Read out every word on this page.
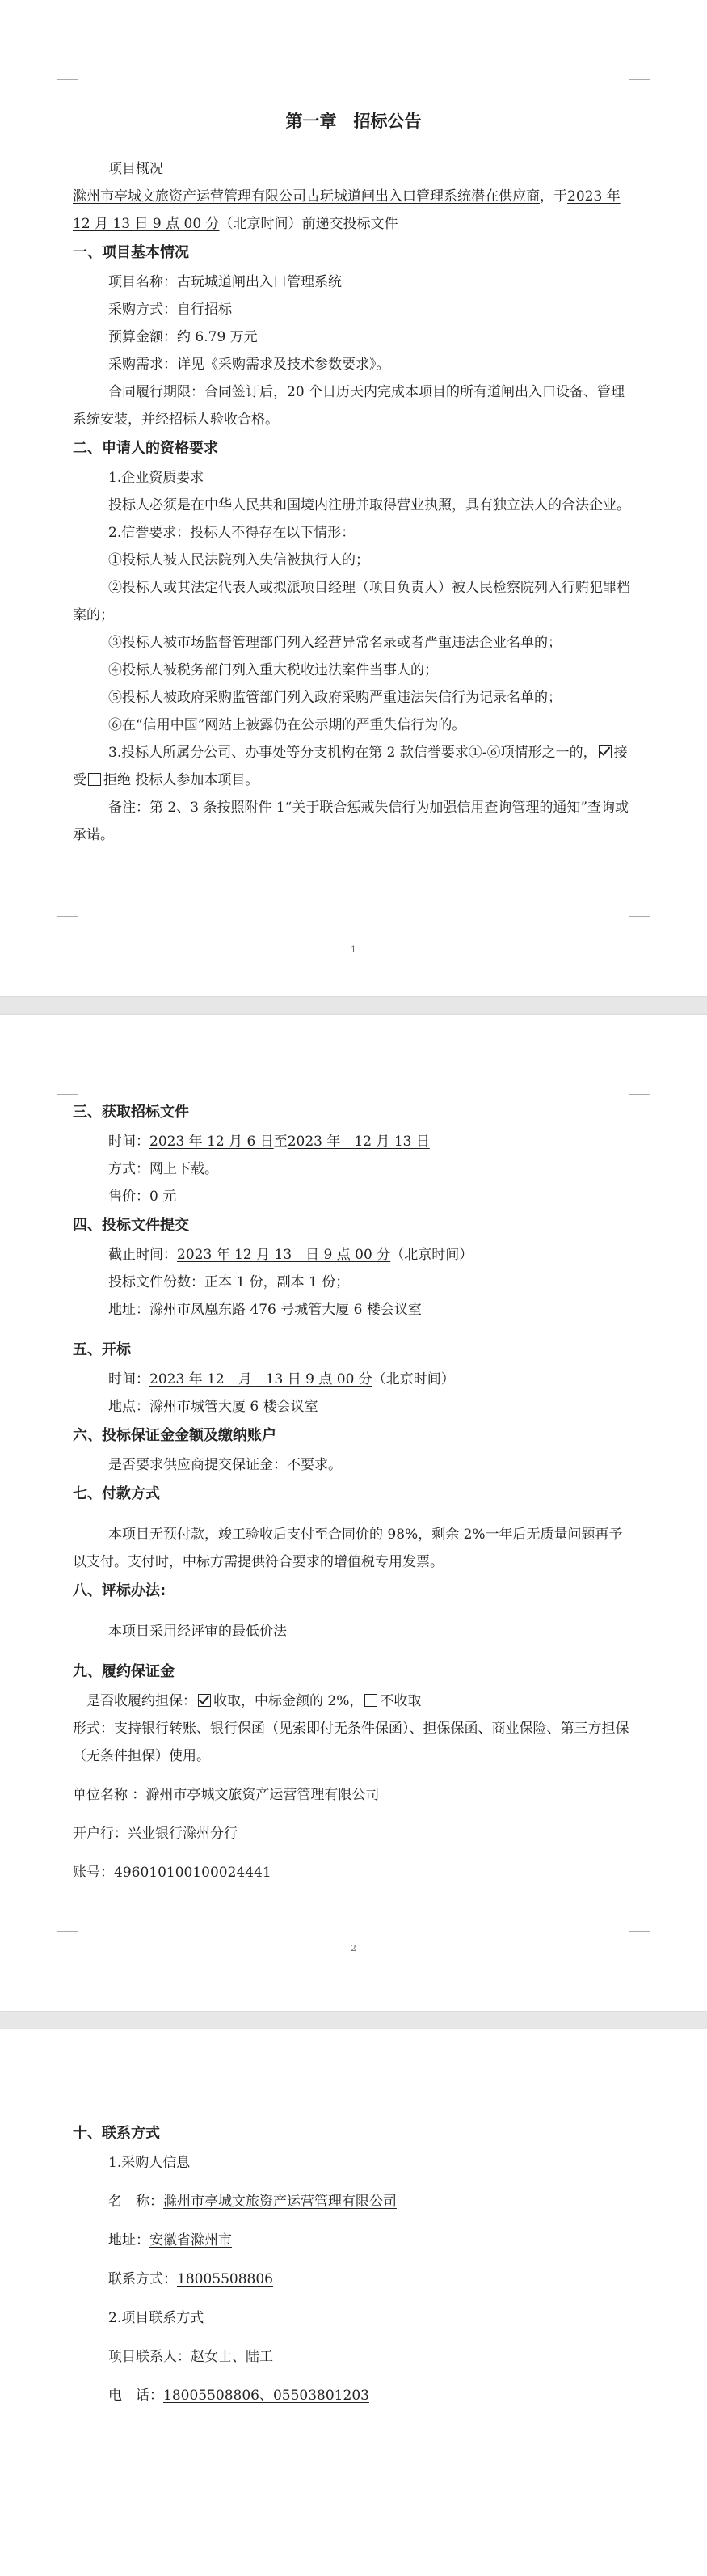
第一章　招标公告

项目概况

滁州市亭城文旅资产运营管理有限公司古玩城道闸出入口管理系统潜在供应商，于2023 年 12 月 13 日 9 点 00 分（北京时间）前递交投标文件

一、项目基本情况

项目名称：古玩城道闸出入口管理系统

采购方式：自行招标

预算金额：约 6.79 万元

采购需求：详见《采购需求及技术参数要求》。

合同履行期限：合同签订后，20 个日历天内完成本项目的所有道闸出入口设备、管理系统安装，并经招标人验收合格。

二、申请人的资格要求

1.企业资质要求

投标人必须是在中华人民共和国境内注册并取得营业执照，具有独立法人的合法企业。

2.信誉要求：投标人不得存在以下情形：

①投标人被人民法院列入失信被执行人的；

②投标人或其法定代表人或拟派项目经理（项目负责人）被人民检察院列入行贿犯罪档案的；

③投标人被市场监督管理部门列入经营异常名录或者严重违法企业名单的；

④投标人被税务部门列入重大税收违法案件当事人的；

⑤投标人被政府采购监管部门列入政府采购严重违法失信行为记录名单的；

⑥在“信用中国”网站上被露仍在公示期的严重失信行为的。

3.投标人所属分公司、办事处等分支机构在第 2 款信誉要求①-⑥项情形之一的， 接受 拒绝 投标人参加本项目。

备注：第 2、3 条按照附件 1“关于联合惩戒失信行为加强信用查询管理的通知”查询或承诺。

1

三、获取招标文件

时间：2023 年 12 月 6 日至2023 年　12 月 13 日

方式：网上下载。

售价：0 元

四、投标文件提交

截止时间：2023 年 12 月 13　日 9 点 00 分（北京时间）

投标文件份数：正本 1 份，副本 1 份；

地址：滁州市凤凰东路 476 号城管大厦 6 楼会议室

五、开标

时间：2023 年 12　月　13 日 9 点 00 分（北京时间）

地点：滁州市城管大厦 6 楼会议室

六、投标保证金金额及缴纳账户

是否要求供应商提交保证金：不要求。

七、付款方式

本项目无预付款，竣工验收后支付至合同价的 98%，剩余 2%一年后无质量问题再予以支付。支付时，中标方需提供符合要求的增值税专用发票。

八、评标办法:

本项目采用经评审的最低价法

九、履约保证金

　是否收履约担保： 收取，中标金额的 2%， 不收取

形式：支持银行转账、银行保函（见索即付无条件保函）、担保保函、商业保险、第三方担保（无条件担保）使用。

单位名称 ：滁州市亭城文旅资产运营管理有限公司

开户行：兴业银行滁州分行

账号：496010100100024441

2

十、联系方式

1.采购人信息

名　称：滁州市亭城文旅资产运营管理有限公司

地址：安徽省滁州市

联系方式：18005508806

2.项目联系方式

项目联系人：赵女士、陆工

电　话：18005508806、05503801203
